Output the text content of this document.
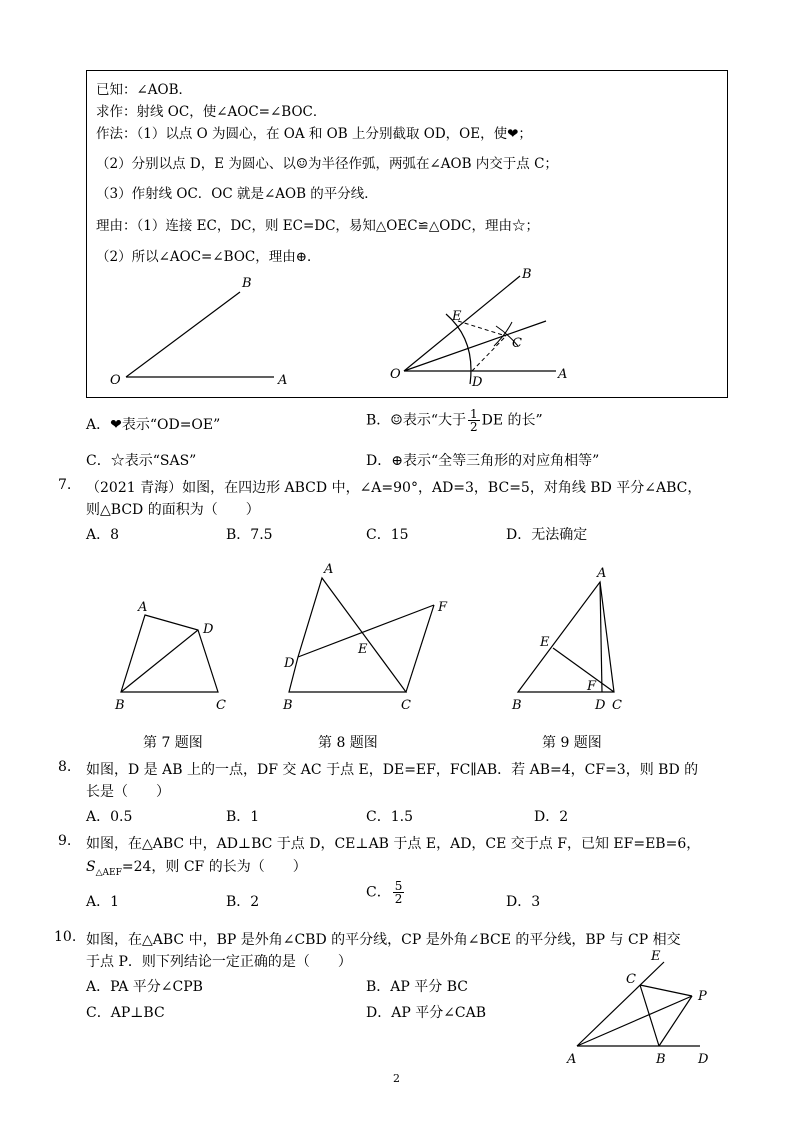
已知：∠AOB．
求作：射线 OC，使∠AOC=∠BOC．
作法：（1）以点 O 为圆心，在 OA 和 OB 上分别截取 OD，OE，使❤；
（2）分别以点 D，E 为圆心、以☺为半径作弧，两弧在∠AOB 内交于点 C；
（3）作射线 OC．OC 就是∠AOB 的平分线．
理由：（1）连接 EC，DC，则 EC=DC，易知△OEC≌△ODC，理由☆；
（2）所以∠AOC=∠BOC，理由⊕．
B
O	A
B
E
C
O
D
A
A．❤表示“OD=OE”	B．☺表示“大于 $\frac{1}{2}$ DE 的长”
C．☆表示“SAS”	D．⊕表示“全等三角形的对应角相等”
7. （2021 青海）如图，在四边形 ABCD 中，∠A=90°，AD=3，BC=5，对角线 BD 平分∠ABC，
则△BCD 的面积为（　　）
A．8	B．7.5	C．15	D．无法确定
A
D
B	C
第 7 题图
A
F
E
D
B	C
第 8 题图
A
E
F
B	D C
第 9 题图
8. 如图，D 是 AB 上的一点，DF 交 AC 于点 E，DE=EF，FC∥AB．若 AB=4，CF=3，则 BD 的
长是（　　）
A．0.5	B．1	C．1.5	D．2
9. 如图，在△ABC 中，AD⊥BC 于点 D，CE⊥AB 于点 E，AD，CE 交于点 F，已知 EF=EB=6，
$S_{\triangle AEF}=24$，则 CF 的长为（　　）
A．1	B．2
C． $\frac{5}{2}$	D．3
10. 如图，在△ABC 中，BP 是外角∠CBD 的平分线，CP 是外角∠BCE 的平分线，BP 与 CP 相交
于点 P．则下列结论一定正确的是（　　）
A．PA 平分∠CPB	B．AP 平分 BC
C．AP⊥BC	D．AP 平分∠CAB
E
C
P
A	B D
2
